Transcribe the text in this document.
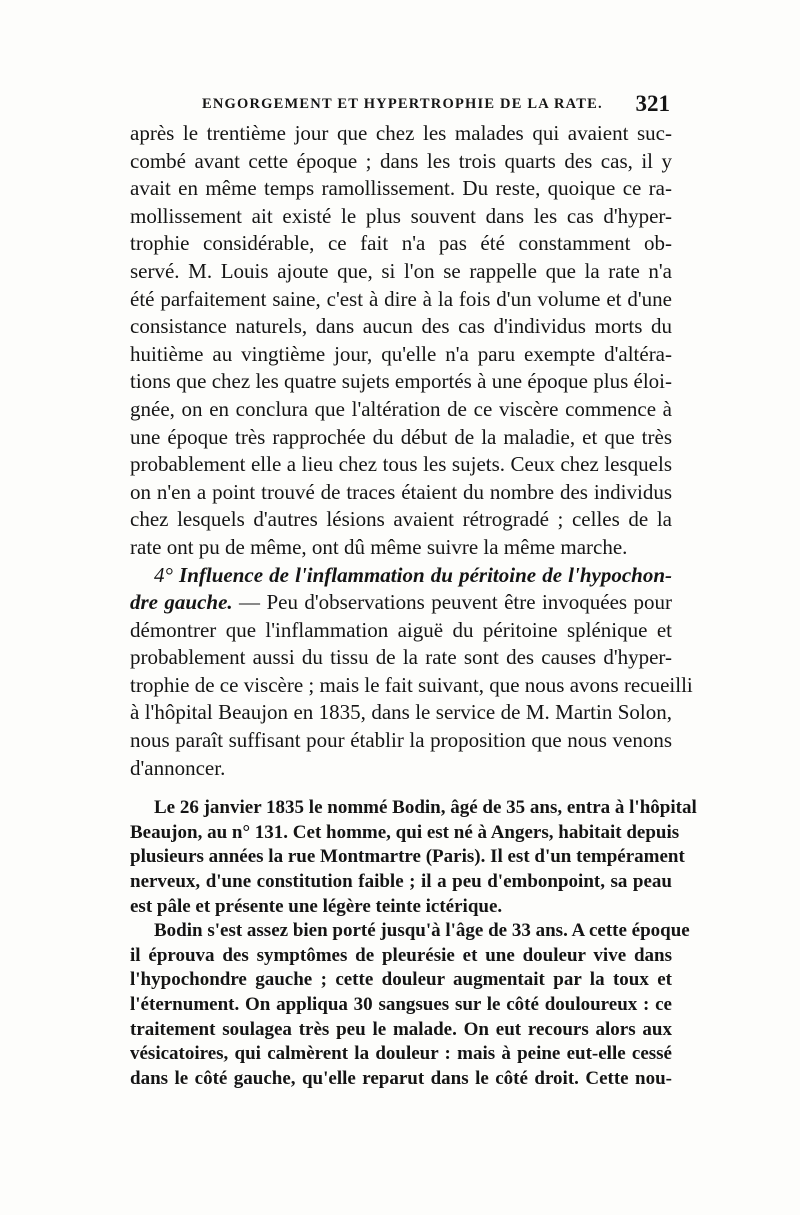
ENGORGEMENT ET HYPERTROPHIE DE LA RATE. 321
après le trentième jour que chez les malades qui avaient suc-
combé avant cette époque ; dans les trois quarts des cas, il y
avait en même temps ramollissement. Du reste, quoique ce ra-
mollissement ait existé le plus souvent dans les cas d'hyper-
trophie considérable, ce fait n'a pas été constamment ob-
servé. M. Louis ajoute que, si l'on se rappelle que la rate n'a
été parfaitement saine, c'est à dire à la fois d'un volume et d'une
consistance naturels, dans aucun des cas d'individus morts du
huitième au vingtième jour, qu'elle n'a paru exempte d'altéra-
tions que chez les quatre sujets emportés à une époque plus éloi-
gnée, on en conclura que l'altération de ce viscère commence à
une époque très rapprochée du début de la maladie, et que très
probablement elle a lieu chez tous les sujets. Ceux chez lesquels
on n'en a point trouvé de traces étaient du nombre des individus
chez lesquels d'autres lésions avaient rétrogradé ; celles de la
rate ont pu de même, ont dû même suivre la même marche.
4° Influence de l'inflammation du péritoine de l'hypochon-
dre gauche. — Peu d'observations peuvent être invoquées pour
démontrer que l'inflammation aiguë du péritoine splénique et
probablement aussi du tissu de la rate sont des causes d'hyper-
trophie de ce viscère ; mais le fait suivant, que nous avons recueilli
à l'hôpital Beaujon en 1835, dans le service de M. Martin Solon,
nous paraît suffisant pour établir la proposition que nous venons
d'annoncer.
Le 26 janvier 1835 le nommé Bodin, âgé de 35 ans, entra à l'hôpital
Beaujon, au n° 131. Cet homme, qui est né à Angers, habitait depuis
plusieurs années la rue Montmartre (Paris). Il est d'un tempérament
nerveux, d'une constitution faible ; il a peu d'embonpoint, sa peau
est pâle et présente une légère teinte ictérique.
Bodin s'est assez bien porté jusqu'à l'âge de 33 ans. A cette époque
il éprouva des symptômes de pleurésie et une douleur vive dans
l'hypochondre gauche ; cette douleur augmentait par la toux et
l'éternument. On appliqua 30 sangsues sur le côté douloureux : ce
traitement soulagea très peu le malade. On eut recours alors aux
vésicatoires, qui calmèrent la douleur : mais à peine eut-elle cessé
dans le côté gauche, qu'elle reparut dans le côté droit. Cette nou-
